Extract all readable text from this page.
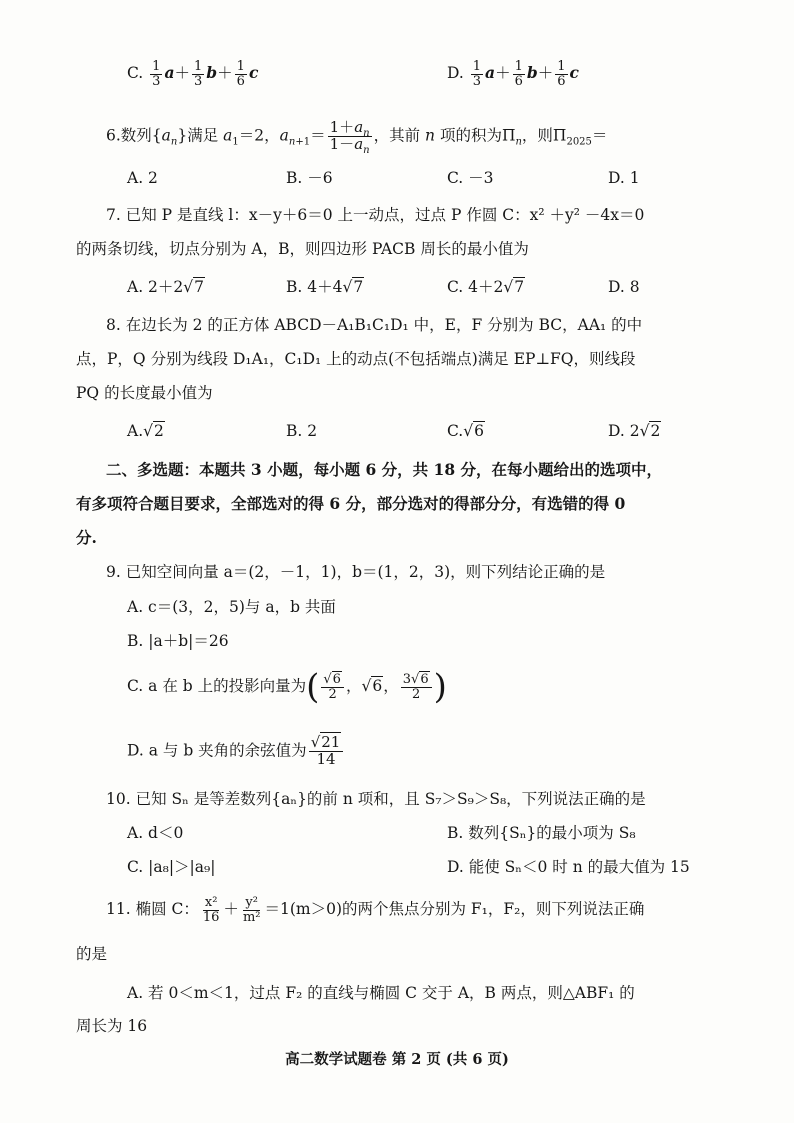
C. $\frac{1}{3} a+ \frac{1}{3} b+ \frac{1}{6}$ c	D. $\frac{1}{3} a+ \frac{1}{6} b+ \frac{1}{6}$ c
6.数列$\{a_n\}$满足 $a_1=2$，$a_{n+1}= \frac{1+a_n}{1-a_n}$ ，其前 n 项的积为$\Pi_n$，则$\Pi_{2025}=$
A. 2	B. －6	C. －3	D. 1
7. 已知 P 是直线 l：x－y＋6＝0 上一动点，过点 P 作圆 C：x² ＋y² －4x＝0
的两条切线，切点分别为 A，B，则四边形 PACB 周长的最小值为
A. 2＋2√7	B. 4＋4√7	C. 4＋2√7	D. 8
8. 在边长为 2 的正方体 ABCD－A₁B₁C₁D₁ 中，E，F 分别为 BC，AA₁ 的中
点，P，Q 分别为线段 D₁A₁，C₁D₁ 上的动点(不包括端点)满足 EP⊥FQ，则线段
PQ 的长度最小值为
A.√2	B. 2	C.√6	D. 2√2
二、多选题：本题共 3 小题，每小题 6 分，共 18 分，在每小题给出的选项中，
有多项符合题目要求，全部选对的得 6 分，部分选对的得部分分，有选错的得 0
分.
9. 已知空间向量 a＝(2，－1，1)，b＝(1，2，3)，则下列结论正确的是
A. c＝(3，2，5)与 a，b 共面
B. |a＋b|＝26
C. a 在 b 上的投影向量为( $\frac{√6}{2}$ ，√6， $\frac{3√6}{2}$ )
D. a 与 b 夹角的余弦值为 $\frac{√21}{14}$
10. 已知 Sₙ 是等差数列{aₙ}的前 n 项和，且 S₇＞S₉＞S₈，下列说法正确的是
A. d＜0	B. 数列{Sₙ}的最小项为 S₈
C. |a₈|＞|a₉|	D. 能使 Sₙ＜0 时 n 的最大值为 15
11. 椭圆 C： $\frac{\text{x²}}{16} + \frac{\text{y²}}{\text{m²}} =1(m>0)$的两个焦点分别为 F₁，F₂，则下列说法正确
的是
A. 若 0＜m＜1，过点 F₂ 的直线与椭圆 C 交于 A，B 两点，则△ABF₁ 的
周长为 16
高二数学试题卷 第 2 页 (共 6 页)
